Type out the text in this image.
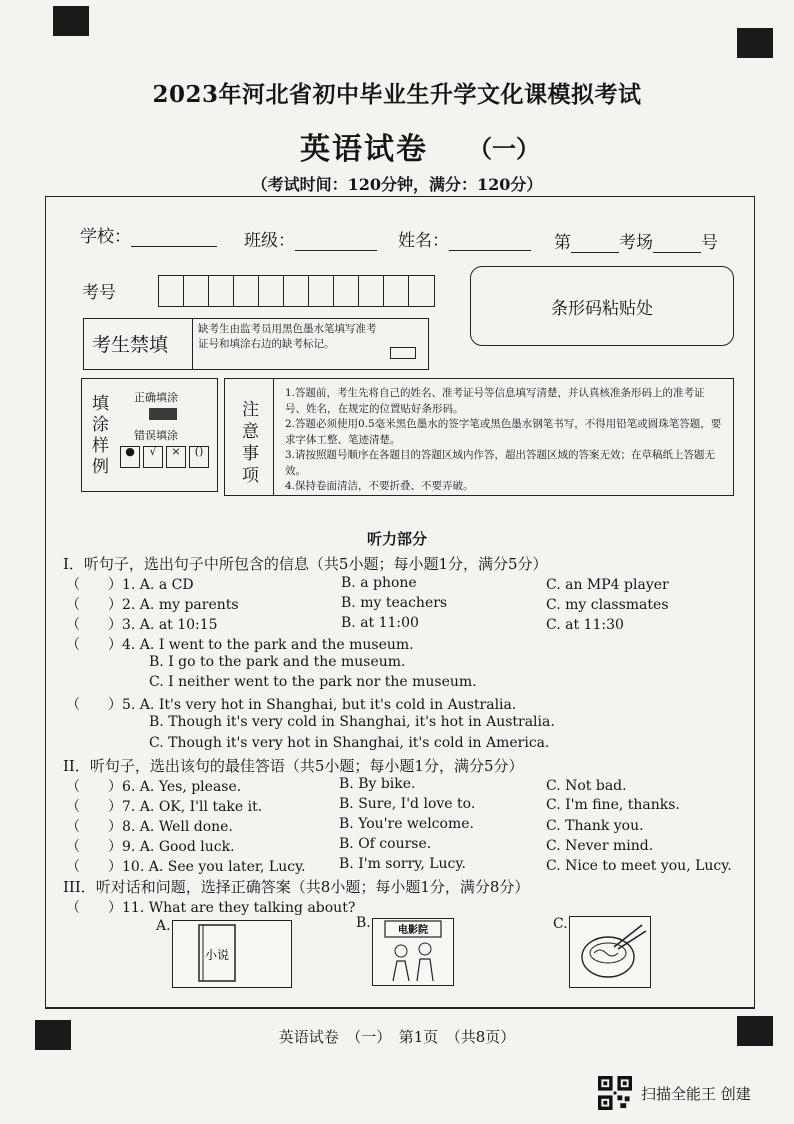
2023年河北省初中毕业生升学文化课模拟考试
英语试卷 （一）
（考试时间：120分钟，满分：120分）
学校：	班级：	姓名：	第	考场	号
考号
条形码粘贴处
考生禁填
缺考生由监考员用黑色墨水笔填写准考证号和填涂右边的缺考标记。
填涂样例
正确填涂
错误填涂
●	√	×	()
注意事项
1.答题前，考生先将自己的姓名、准考证号等信息填写清楚，并认真核准条形码上的准考证号、姓名，在规定的位置贴好条形码。
2.答题必须使用0.5毫米黑色墨水的签字笔或黑色墨水钢笔书写，不得用铅笔或圆珠笔答题，要求字体工整、笔迹清楚。
3.请按照题号顺序在各题目的答题区域内作答，超出答题区域的答案无效；在草稿纸上答题无效。
4.保持卷面清洁，不要折叠、不要弄破。
听力部分
I．听句子，选出句子中所包含的信息（共5小题；每小题1分，满分5分）
（　　）1. A. a CD	B. a phone	C. an MP4 player
（　　）2. A. my parents	B. my teachers	C. my classmates
（　　）3. A. at 10:15	B. at 11:00	C. at 11:30
（　　）4. A. I went to the park and the museum.
B. I go to the park and the museum.
C. I neither went to the park nor the museum.
（　　）5. A. It's very hot in Shanghai, but it's cold in Australia.
B. Though it's very cold in Shanghai, it's hot in Australia.
C. Though it's very hot in Shanghai, it's cold in America.
II．听句子，选出该句的最佳答语（共5小题；每小题1分，满分5分）
（　　）6. A. Yes, please.	B. By bike.	C. Not bad.
（　　）7. A. OK, I'll take it.	B. Sure, I'd love to.	C. I'm fine, thanks.
（　　）8. A. Well done.	B. You're welcome.	C. Thank you.
（　　）9. A. Good luck.	B. Of course.	C. Never mind.
（　　）10. A. See you later, Lucy. B. I'm sorry, Lucy.	C. Nice to meet you, Lucy.
III．听对话和问题，选择正确答案（共8小题；每小题1分，满分8分）
（　　）11. What are they talking about?
A.
小说
B.	电影院	C.
英语试卷　（一）　第1页　（共8页）
扫描全能王 创建
